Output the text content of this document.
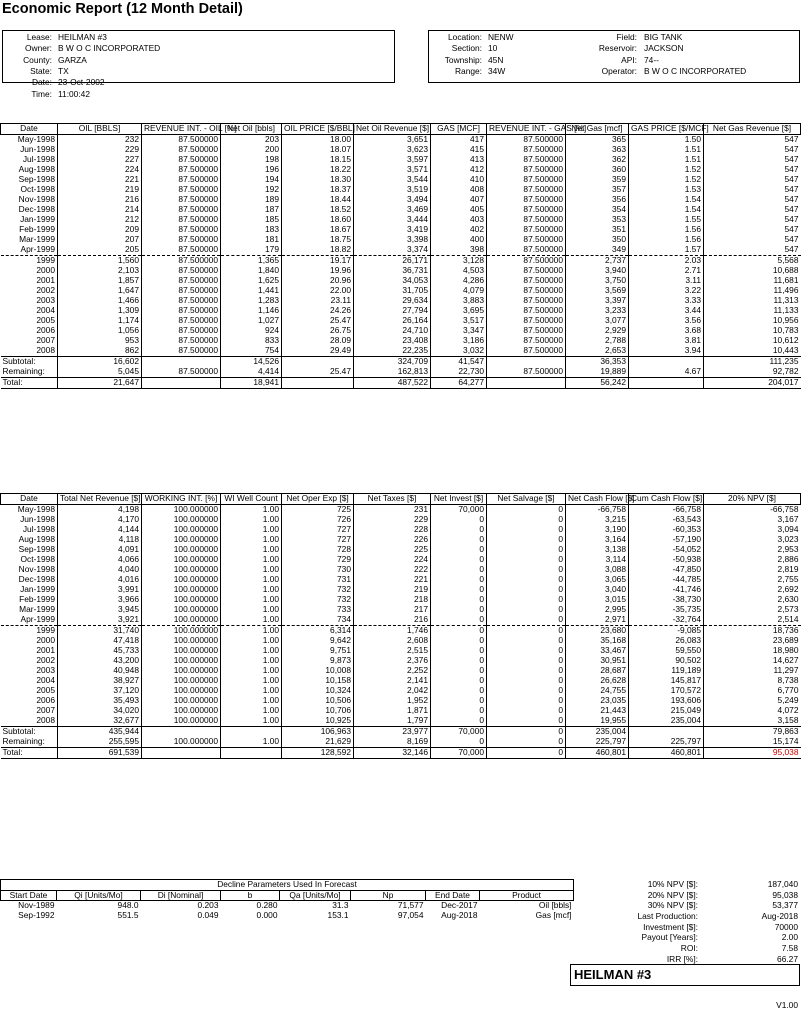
Economic Report (12 Month Detail)
Lease: HEILMAN #3
Owner: B W O C INCORPORATED
County: GARZA
State: TX
Date: 23-Oct-2002
Time: 11:00:42
Location: NENW
Section: 10
Township: 45N
Range: 34W
Field: BIG TANK
Reservoir: JACKSON
API: 74--
Operator: B W O C INCORPORATED
Date	OIL [BBLS]	REVENUE INT. - OIL [%]	Net Oil [bbls]	OIL PRICE [$/BBL]	Net Oil Revenue [$]	GAS [MCF]	REVENUE INT. - GAS [%]	Net Gas [mcf]	GAS PRICE [$/MCF]	Net Gas Revenue [$]
May-1998	232	87.500000	203	18.00	3,651	417	87.500000	365	1.50	547
Jun-1998	229	87.500000	200	18.07	3,623	415	87.500000	363	1.51	547
Jul-1998	227	87.500000	198	18.15	3,597	413	87.500000	362	1.51	547
Aug-1998	224	87.500000	196	18.22	3,571	412	87.500000	360	1.52	547
Sep-1998	221	87.500000	194	18.30	3,544	410	87.500000	359	1.52	547
Oct-1998	219	87.500000	192	18.37	3,519	408	87.500000	357	1.53	547
Nov-1998	216	87.500000	189	18.44	3,494	407	87.500000	356	1.54	547
Dec-1998	214	87.500000	187	18.52	3,469	405	87.500000	354	1.54	547
Jan-1999	212	87.500000	185	18.60	3,444	403	87.500000	353	1.55	547
Feb-1999	209	87.500000	183	18.67	3,419	402	87.500000	351	1.56	547
Mar-1999	207	87.500000	181	18.75	3,398	400	87.500000	350	1.56	547
Apr-1999	205	87.500000	179	18.82	3,374	398	87.500000	349	1.57	547
1999	1,560	87.500000	1,365	19.17	26,171	3,128	87.500000	2,737	2.03	5,568
2000	2,103	87.500000	1,840	19.96	36,731	4,503	87.500000	3,940	2.71	10,688
2001	1,857	87.500000	1,625	20.96	34,053	4,286	87.500000	3,750	3.11	11,681
2002	1,647	87.500000	1,441	22.00	31,705	4,079	87.500000	3,569	3.22	11,496
2003	1,466	87.500000	1,283	23.11	29,634	3,883	87.500000	3,397	3.33	11,313
2004	1,309	87.500000	1,146	24.26	27,794	3,695	87.500000	3,233	3.44	11,133
2005	1,174	87.500000	1,027	25.47	26,164	3,517	87.500000	3,077	3.56	10,956
2006	1,056	87.500000	924	26.75	24,710	3,347	87.500000	2,929	3.68	10,783
2007	953	87.500000	833	28.09	23,408	3,186	87.500000	2,788	3.81	10,612
2008	862	87.500000	754	29.49	22,235	3,032	87.500000	2,653	3.94	10,443
Subtotal:	16,602		14,526		324,709	41,547		36,353		111,235
Remaining:	5,045	87.500000	4,414	25.47	162,813	22,730	87.500000	19,889	4.67	92,782
Total:	21,647		18,941		487,522	64,277		56,242		204,017
Date	Total Net Revenue [$]	WORKING INT. [%]	WI Well Count	Net Oper Exp [$]	Net Taxes [$]	Net Invest [$]	Net Salvage [$]	Net Cash Flow [$]	Cum Cash Flow [$]	20% NPV [$]
May-1998	4,198	100.000000	1.00	725	231	70,000	0	-66,758	-66,758	-66,758
Jun-1998	4,170	100.000000	1.00	726	229	0	0	3,215	-63,543	3,167
Jul-1998	4,144	100.000000	1.00	727	228	0	0	3,190	-60,353	3,094
Aug-1998	4,118	100.000000	1.00	727	226	0	0	3,164	-57,190	3,023
Sep-1998	4,091	100.000000	1.00	728	225	0	0	3,138	-54,052	2,953
Oct-1998	4,066	100.000000	1.00	729	224	0	0	3,114	-50,938	2,886
Nov-1998	4,040	100.000000	1.00	730	222	0	0	3,088	-47,850	2,819
Dec-1998	4,016	100.000000	1.00	731	221	0	0	3,065	-44,785	2,755
Jan-1999	3,991	100.000000	1.00	732	219	0	0	3,040	-41,746	2,692
Feb-1999	3,966	100.000000	1.00	732	218	0	0	3,015	-38,730	2,630
Mar-1999	3,945	100.000000	1.00	733	217	0	0	2,995	-35,735	2,573
Apr-1999	3,921	100.000000	1.00	734	216	0	0	2,971	-32,764	2,514
1999	31,740	100.000000	1.00	6,314	1,746	0	0	23,680	-9,085	18,736
2000	47,418	100.000000	1.00	9,642	2,608	0	0	35,168	26,083	23,689
2001	45,733	100.000000	1.00	9,751	2,515	0	0	33,467	59,550	18,980
2002	43,200	100.000000	1.00	9,873	2,376	0	0	30,951	90,502	14,627
2003	40,948	100.000000	1.00	10,008	2,252	0	0	28,687	119,189	11,297
2004	38,927	100.000000	1.00	10,158	2,141	0	0	26,628	145,817	8,738
2005	37,120	100.000000	1.00	10,324	2,042	0	0	24,755	170,572	6,770
2006	35,493	100.000000	1.00	10,506	1,952	0	0	23,035	193,606	5,249
2007	34,020	100.000000	1.00	10,706	1,871	0	0	21,443	215,049	4,072
2008	32,677	100.000000	1.00	10,925	1,797	0	0	19,955	235,004	3,158
Subtotal:	435,944			106,963	23,977	70,000	0	235,004		79,863
Remaining:	255,595	100.000000	1.00	21,629	8,169	0	0	225,797	225,797	15,174
Total:	691,539			128,592	32,146	70,000	0	460,801	460,801	95,038
Decline Parameters Used In Forecast							
Start Date	Qi [Units/Mo]	Di [Nominal]	b	Qa [Units/Mo]	Np	End Date	Product
Nov-1989	948.0	0.203	0.280	31.3	71,577	Dec-2017	Oil [bbls]
Sep-1992	551.5	0.049	0.000	153.1	97,054	Aug-2018	Gas [mcf]
10% NPV [$]:	187,040
20% NPV [$]:	95,038
30% NPV [$]:	53,377
Last Production:	Aug-2018
Investment [$]:	70000
Payout [Years]:	2.00
ROI:	7.58
IRR [%]:	66.27
HEILMAN #3
V1.00
